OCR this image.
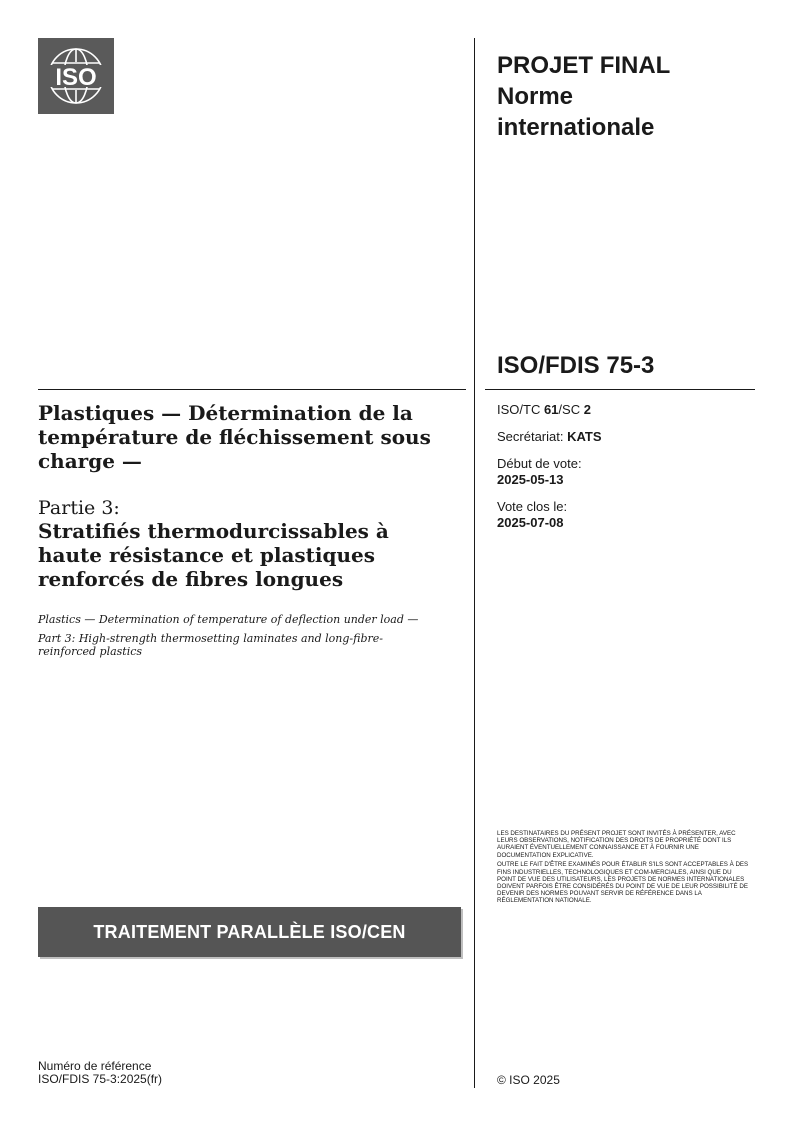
ISO	PROJET FINAL
Norme
internationale
ISO/FDIS 75-3

ISO/TC 61/SC 2

Secrétariat: KATS

Début de vote:
2025-05-13

Vote clos le:
2025-07-08

Plastiques — Détermination de la température de fléchissement sous charge —
Partie 3:
Stratifiés thermodurcissables à haute résistance et plastiques renforcés de fibres longues

Plastics — Determination of temperature of deflection under load —

Part 3: High-strength thermosetting laminates and long-fibre-reinforced plastics

LES DESTINATAIRES DU PRÉSENT PROJET SONT INVITÉS À PRÉSENTER, AVEC LEURS OBSERVATIONS, NOTIFICATION DES DROITS DE PROPRIÉTÉ DONT ILS AURAIENT ÉVENTUELLEMENT CONNAISSANCE ET À FOURNIR UNE DOCUMENTATION EXPLICATIVE.

OUTRE LE FAIT D'ÊTRE EXAMINÉS POUR ÉTABLIR S'ILS SONT ACCEPTABLES À DES FINS INDUSTRIELLES, TECHNOLOGIQUES ET COM-MERCIALES, AINSI QUE DU POINT DE VUE DES UTILISATEURS, LES PROJETS DE NORMES INTERNATIONALES DOIVENT PARFOIS ÊTRE CONSIDÉRÉS DU POINT DE VUE DE LEUR POSSIBILITÉ DE DEVENIR DES NORMES POUVANT SERVIR DE RÉFÉRENCE DANS LA RÉGLEMENTATION NATIONALE.

TRAITEMENT PARALLÈLE ISO/CEN
Numéro de référence
ISO/FDIS 75-3:2025(fr)	© ISO 2025
